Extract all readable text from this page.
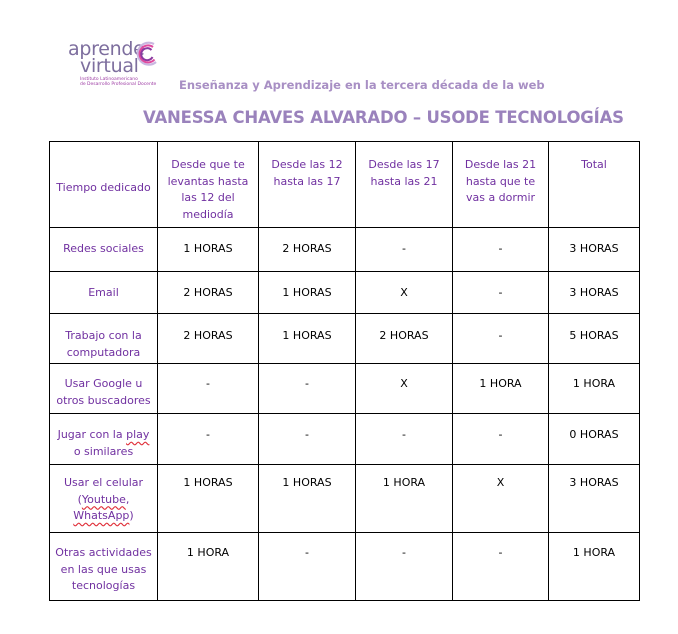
aprende
virtual
Instituto Latinoamericano
de Desarrollo Profesional Docente Enseñanza y Aprendizaje en la tercera década de la web
VANESSA CHAVES ALVARADO – USODE TECNOLOGÍAS
Tiempo dedicado	Desde que te levantas hasta las 12 del mediodía	Desde las 12 hasta las 17	Desde las 17 hasta las 21	Desde las 21 hasta que te vas a dormir	Total
Redes sociales	1 HORAS	2 HORAS	-	-	3 HORAS
Email	2 HORAS	1 HORAS	X	-	3 HORAS
Trabajo con la computadora	2 HORAS	1 HORAS	2 HORAS	-	5 HORAS
Usar Google u otros buscadores	-	-	X	1 HORA	1 HORA
Jugar con la play o similares	-	-	-	-	0 HORAS
Usar el celular (Youtube, WhatsApp)	1 HORAS	1 HORAS	1 HORA	X	3 HORAS
Otras actividades en las que usas tecnologías	1 HORA	-	-	-	1 HORA
